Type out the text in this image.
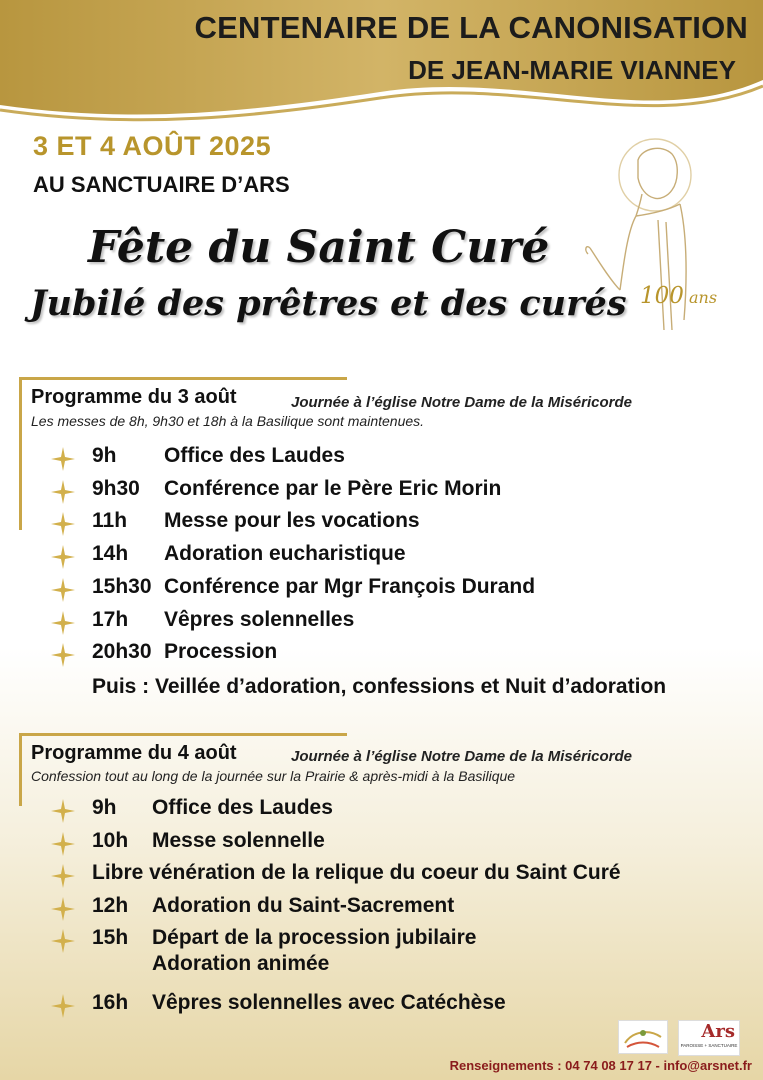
CENTENAIRE DE LA CANONISATION
DE JEAN-MARIE VIANNEY
3 ET 4 AOÛT 2025
AU SANCTUAIRE D’ARS
Fête du Saint Curé
Jubilé des prêtres et des curés 100 ans
Programme du 3 août	Journée à l’église Notre Dame de la Miséricorde
Les messes de 8h, 9h30 et 18h à la Basilique sont maintenues.
9h Office des Laudes
9h30 Conférence par le Père Eric Morin
11h Messe pour les vocations
14h Adoration eucharistique
15h30 Conférence par Mgr François Durand
17h Vêpres solennelles
20h30 Procession
Puis : Veillée d’adoration, confessions et Nuit d’adoration
Programme du 4 août	Journée à l’église Notre Dame de la Miséricorde
Confession tout au long de la journée sur la Prairie & après-midi à la Basilique
9h Office des Laudes
10h Messe solennelle
Libre vénération de la relique du coeur du Saint Curé
12h Adoration du Saint-Sacrement
15h Départ de la procession jubilaire
Adoration animée
16h Vêpres solennelles avec Catéchèse
Ars
PAROISSE + SANCTUAIRE
Renseignements : 04 74 08 17 17 - info@arsnet.fr
